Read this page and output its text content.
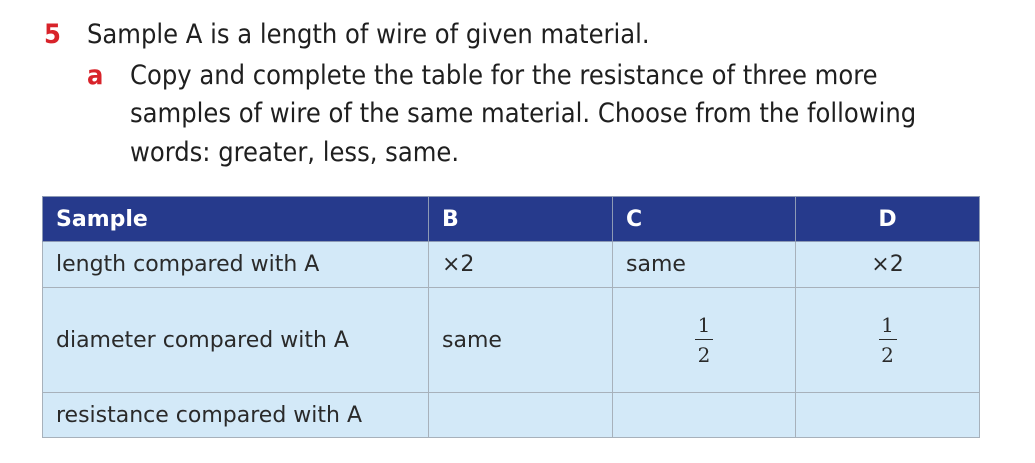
5 Sample A is a length of wire of given material.
a Copy and complete the table for the resistance of three more
samples of wire of the same material. Choose from the following
words: greater, less, same.
Sample	B	C	D
length compared with A	×2	same	×2
diameter compared with A	same	$\frac{1}{2}$	$\frac{1}{2}$

resistance compared with A			
